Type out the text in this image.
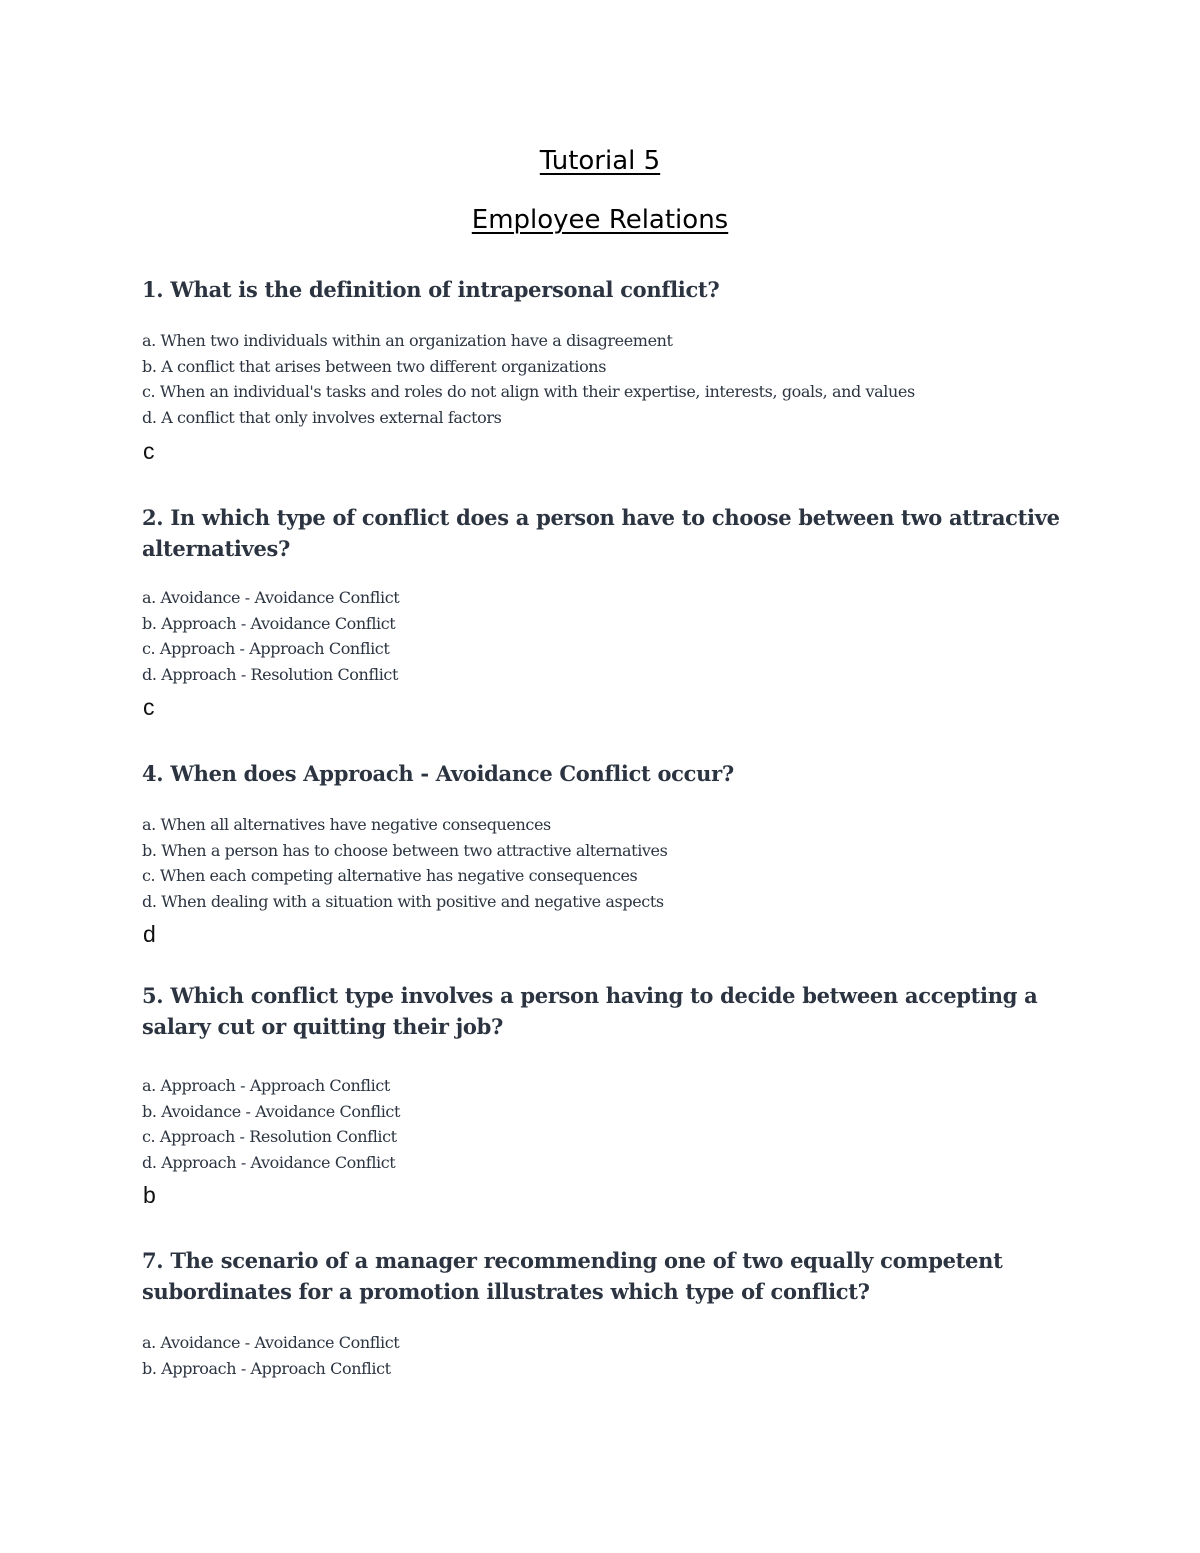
Tutorial 5
Employee Relations

1. What is the definition of intrapersonal conflict?

a. When two individuals within an organization have a disagreement
b. A conflict that arises between two different organizations
c. When an individual's tasks and roles do not align with their expertise, interests, goals, and values
d. A conflict that only involves external factors

c

2. In which type of conflict does a person have to choose between two attractive alternatives?

a. Avoidance - Avoidance Conflict
b. Approach - Avoidance Conflict
c. Approach - Approach Conflict
d. Approach - Resolution Conflict

c

4. When does Approach - Avoidance Conflict occur?

a. When all alternatives have negative consequences
b. When a person has to choose between two attractive alternatives
c. When each competing alternative has negative consequences
d. When dealing with a situation with positive and negative aspects

d

5. Which conflict type involves a person having to decide between accepting a salary cut or quitting their job?

a. Approach - Approach Conflict
b. Avoidance - Avoidance Conflict
c. Approach - Resolution Conflict
d. Approach - Avoidance Conflict

b

7. The scenario of a manager recommending one of two equally competent subordinates for a promotion illustrates which type of conflict?

a. Avoidance - Avoidance Conflict
b. Approach - Approach Conflict
